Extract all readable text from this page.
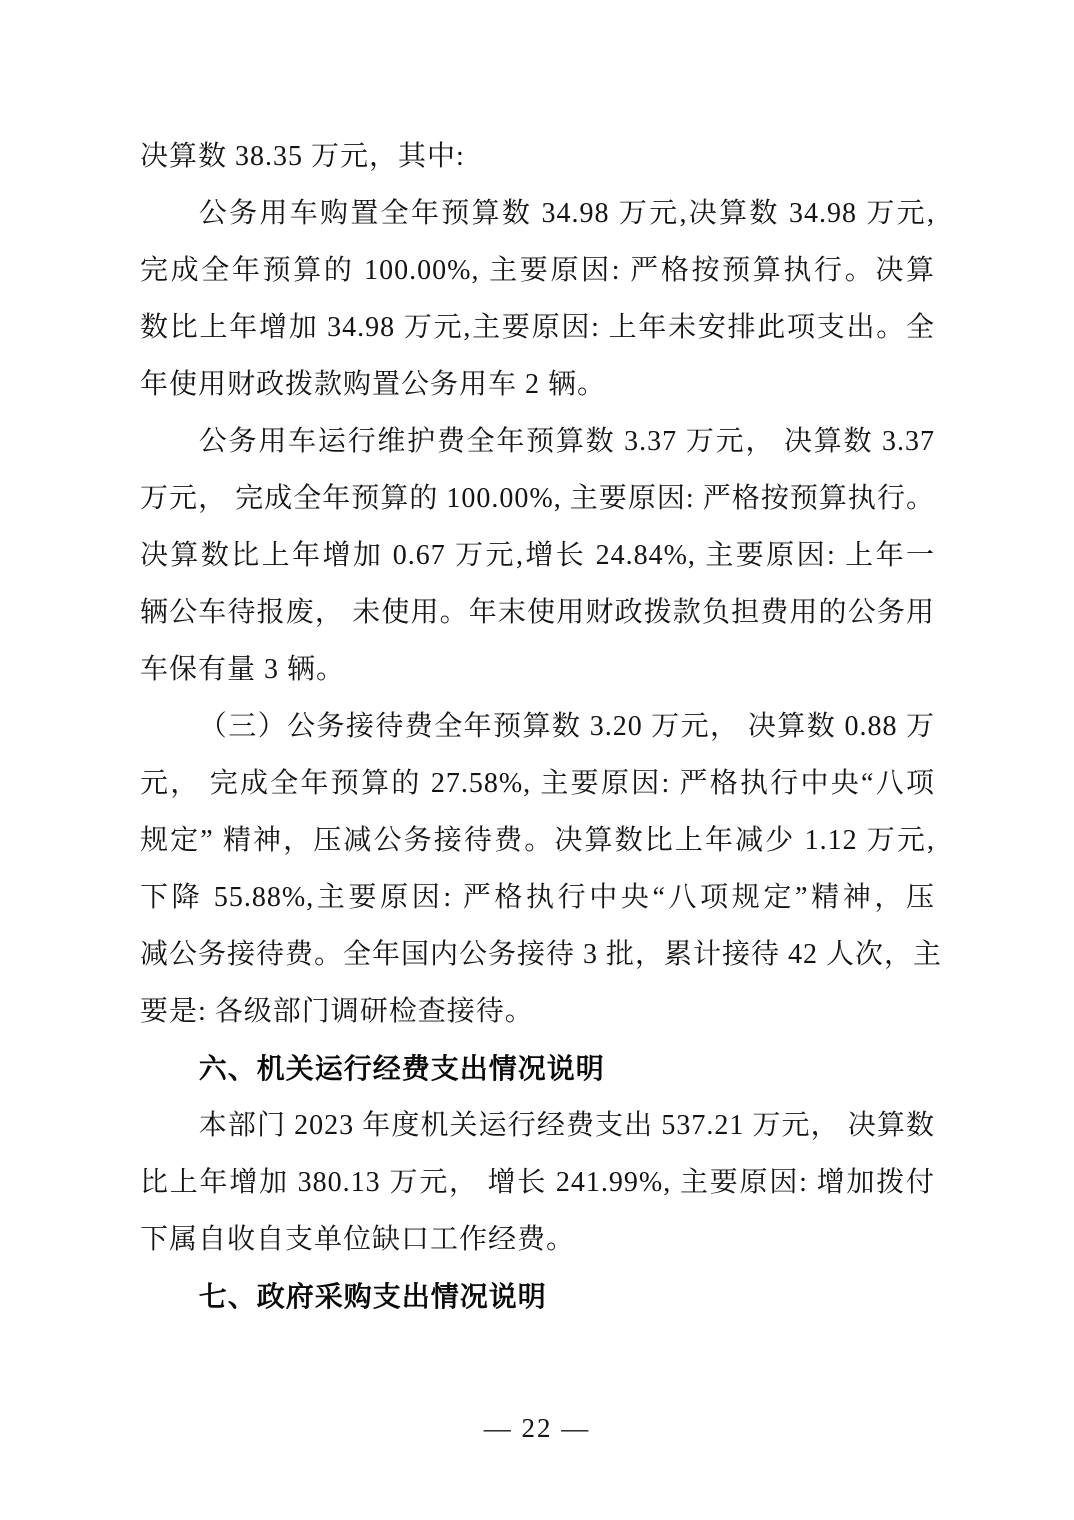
决算数 38.35 万元，其中:
公务用车购置全年预算数 34.98 万元,决算数 34.98 万元,
完成全年预算的 100.00%, 主要原因: 严格按预算执行。决算
数比上年增加 34.98 万元,主要原因: 上年未安排此项支出。全
年使用财政拨款购置公务用车 2 辆。
公务用车运行维护费全年预算数 3.37 万元， 决算数 3.37
万元， 完成全年预算的 100.00%, 主要原因: 严格按预算执行。
决算数比上年增加 0.67 万元,增长 24.84%, 主要原因: 上年一
辆公车待报废， 未使用。年末使用财政拨款负担费用的公务用
车保有量 3 辆。
（三）公务接待费全年预算数 3.20 万元， 决算数 0.88 万
元， 完成全年预算的 27.58%, 主要原因: 严格执行中央“八项
规定” 精神，压减公务接待费。决算数比上年减少 1.12 万元,
下降 55.88%,主要原因: 严格执行中央“八项规定”精神，压
减公务接待费。全年国内公务接待 3 批，累计接待 42 人次，主
要是: 各级部门调研检查接待。
六、机关运行经费支出情况说明
本部门 2023 年度机关运行经费支出 537.21 万元， 决算数
比上年增加 380.13 万元， 增长 241.99%, 主要原因: 增加拨付
下属自收自支单位缺口工作经费。
七、政府采购支出情况说明
— 22 —
